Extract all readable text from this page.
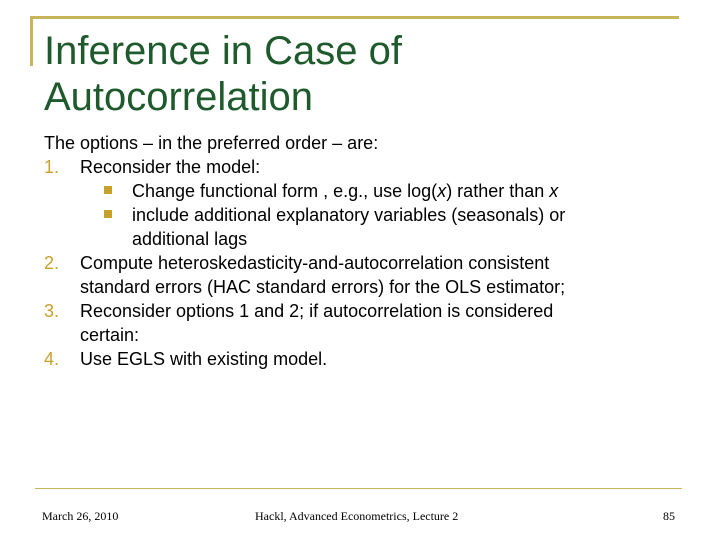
Inference in Case of
Autocorrelation
The options – in the preferred order – are:
1. Reconsider the model:
Change functional form , e.g., use log(x) rather than x
include additional explanatory variables (seasonals) or
additional lags
2. Compute heteroskedasticity-and-autocorrelation consistent
standard errors (HAC standard errors) for the OLS estimator;
3. Reconsider options 1 and 2; if autocorrelation is considered
certain:
4. Use EGLS with existing model.
March 26, 2010	Hackl, Advanced Econometrics, Lecture 2	85
